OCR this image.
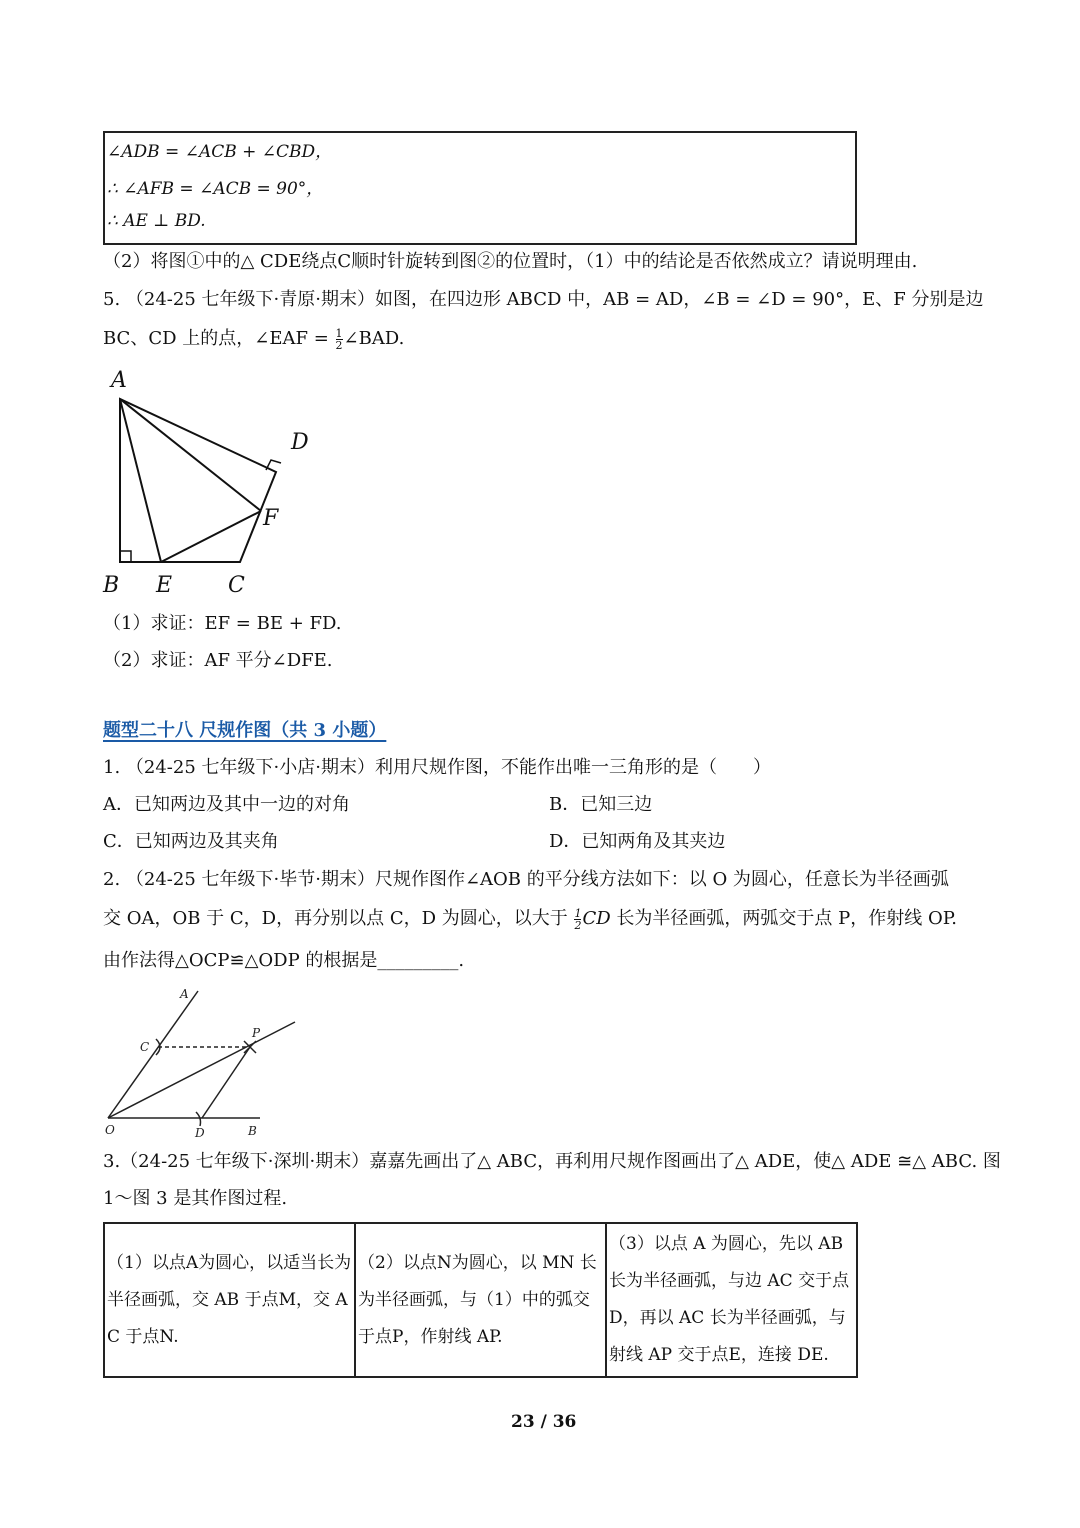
∠ADB = ∠ACB + ∠CBD，
∴ ∠AFB = ∠ACB = 90°，
∴ AE ⊥ BD.
（2）将图①中的△ CDE绕点C顺时针旋转到图②的位置时，（1）中的结论是否依然成立？请说明理由.
5. （24-25 七年级下·青原·期末）如图，在四边形 ABCD 中，AB = AD，∠B = ∠D = 90°，E、F 分别是边
BC、CD 上的点，∠EAF = $\frac{1}{2}$ ∠BAD.
A
D
F
B E	C
（1）求证：EF = BE + FD.
（2）求证：AF 平分∠DFE.
题型二十八 尺规作图（共 3 小题）
1. （24-25 七年级下·小店·期末）利用尺规作图，不能作出唯一三角形的是（　　）
A．已知两边及其中一边的对角	B．已知三边
C．已知两边及其夹角	D．已知两角及其夹边
2. （24-25 七年级下·毕节·期末）尺规作图作∠AOB 的平分线方法如下：以 O 为圆心，任意长为半径画弧
交 OA，OB 于 C，D，再分别以点 C，D 为圆心，以大于 $\frac{1}{2}$ CD 长为半径画弧，两弧交于点 P，作射线 OP.
由作法得△OCP≌△ODP 的根据是_________.
A
C
P
O	D	B
3.（24-25 七年级下·深圳·期末）嘉嘉先画出了△ ABC，再利用尺规作图画出了△ ADE，使△ ADE ≅△ ABC. 图
1～图 3 是其作图过程.
（1）以点A为圆心，以适当长为半径画弧，交 AB 于点M，交 AC 于点N.	（2）以点N为圆心，以 MN 长为半径画弧，与（1）中的弧交于点P，作射线 AP.	（3）以点 A 为圆心，先以 AB 长为半径画弧，与边 AC 交于点D，再以 AC 长为半径画弧，与射线 AP 交于点E，连接 DE.
23 / 36
